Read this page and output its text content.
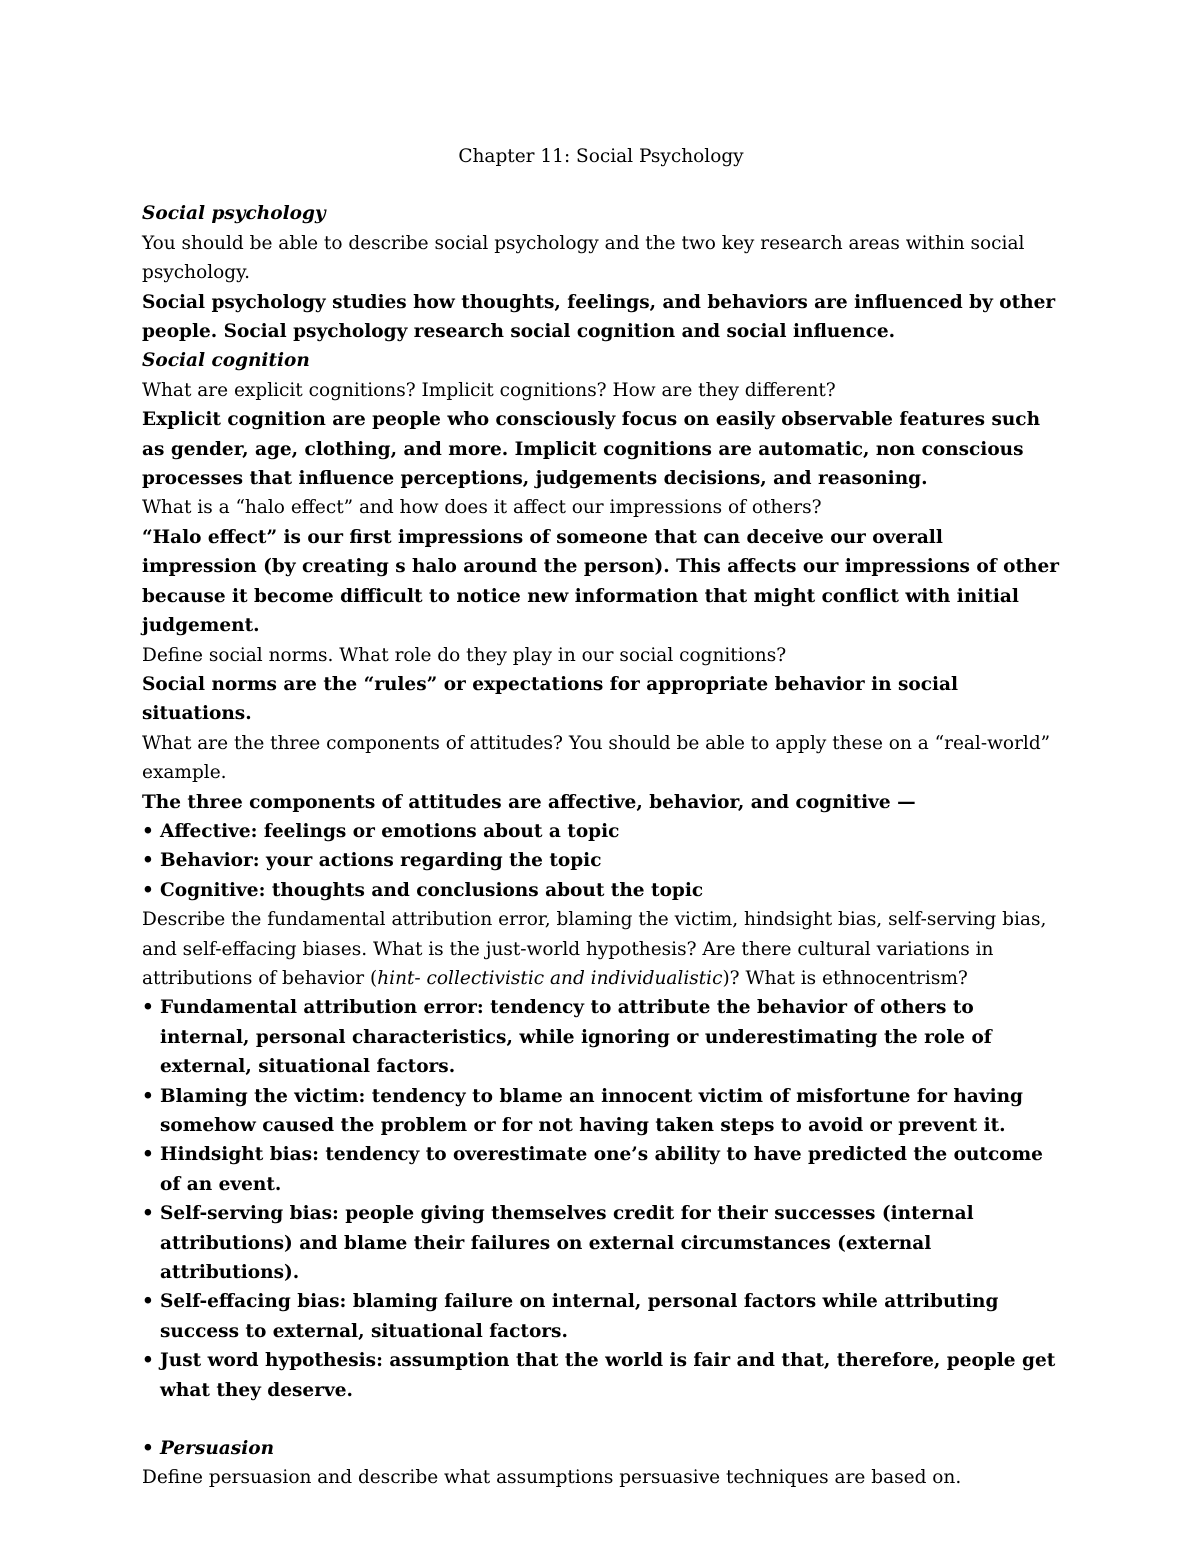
Chapter 11: Social Psychology

Social psychology

You should be able to describe social psychology and the two key research areas within social psychology.

Social psychology studies how thoughts, feelings, and behaviors are influenced by other people. Social psychology research social cognition and social influence.

Social cognition

What are explicit cognitions? Implicit cognitions? How are they different?

Explicit cognition are people who consciously focus on easily observable features such as gender, age, clothing, and more. Implicit cognitions are automatic, non conscious processes that influence perceptions, judgements decisions, and reasoning.

What is a “halo effect” and how does it affect our impressions of others?

“Halo effect” is our first impressions of someone that can deceive our overall impression (by creating s halo around the person). This affects our impressions of other because it become difficult to notice new information that might conflict with initial judgement.

Define social norms. What role do they play in our social cognitions?

Social norms are the “rules” or expectations for appropriate behavior in social situations.

What are the three components of attitudes? You should be able to apply these on a “real-world” example.

The three components of attitudes are affective, behavior, and cognitive —

• Affective: feelings or emotions about a topic
• Behavior: your actions regarding the topic
• Cognitive: thoughts and conclusions about the topic

Describe the fundamental attribution error, blaming the victim, hindsight bias, self-serving bias, and self-effacing biases. What is the just-world hypothesis? Are there cultural variations in attributions of behavior (hint- collectivistic and individualistic)? What is ethnocentrism?

• Fundamental attribution error: tendency to attribute the behavior of others to internal, personal characteristics, while ignoring or underestimating the role of external, situational factors.
• Blaming the victim: tendency to blame an innocent victim of misfortune for having somehow caused the problem or for not having taken steps to avoid or prevent it.
• Hindsight bias: tendency to overestimate one’s ability to have predicted the outcome of an event.
• Self-serving bias: people giving themselves credit for their successes (internal attributions) and blame their failures on external circumstances (external attributions).
• Self-effacing bias: blaming failure on internal, personal factors while attributing success to external, situational factors.
• Just word hypothesis: assumption that the world is fair and that, therefore, people get what they deserve.

• Persuasion

Define persuasion and describe what assumptions persuasive techniques are based on.
